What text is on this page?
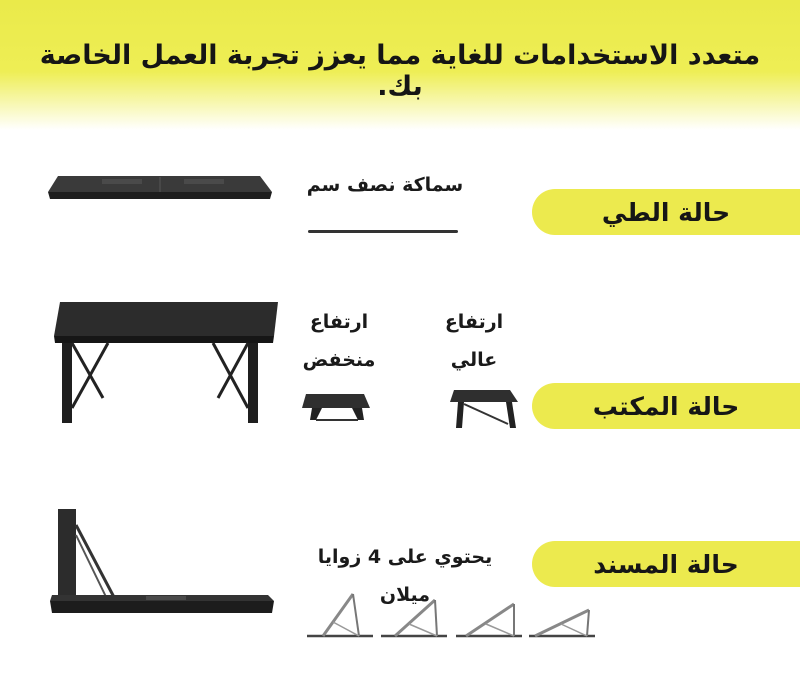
متعدد الاستخدامات للغاية مما يعزز تجربة العمل الخاصة بك.
سماكة نصف سم
حالة الطي
ارتفاع منخفض
ارتفاع عالي
حالة المكتب
يحتوي على 4 زوايا ميلان
حالة المسند
